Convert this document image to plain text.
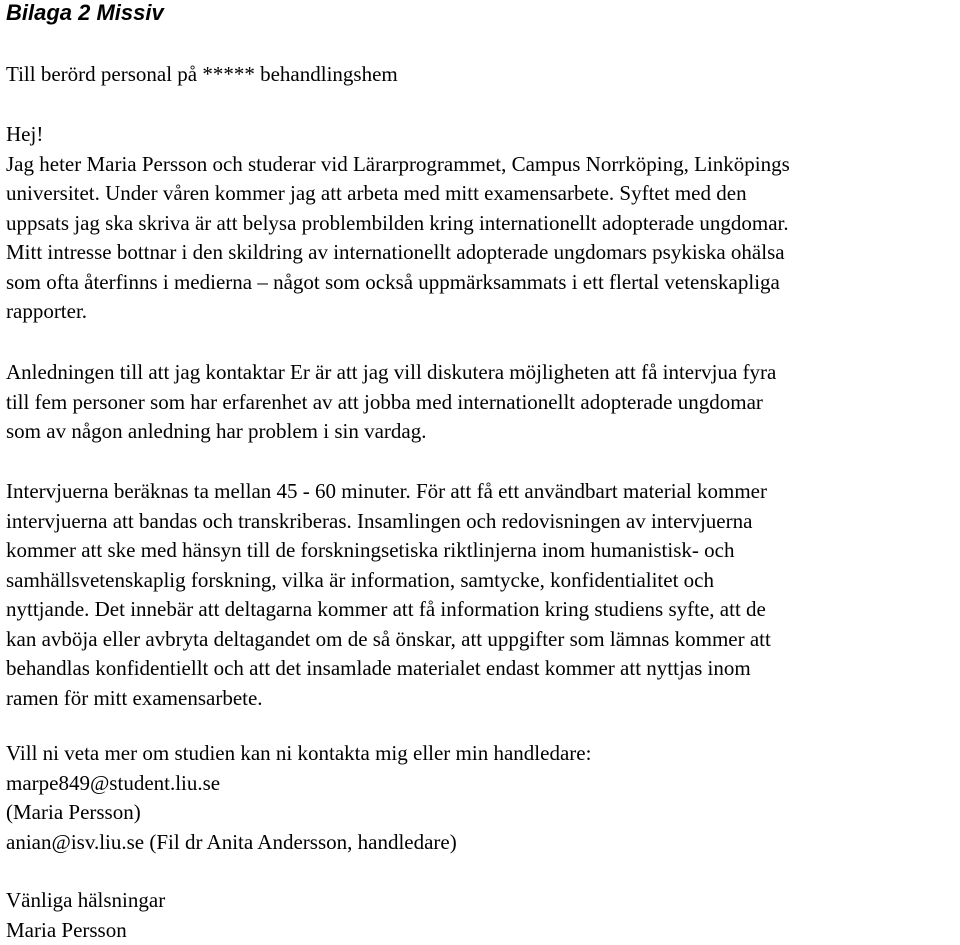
Bilaga 2 Missiv
Till berörd personal på ***** behandlingshem
Hej!
Jag heter Maria Persson och studerar vid Lärarprogrammet, Campus Norrköping, Linköpings
universitet. Under våren kommer jag att arbeta med mitt examensarbete. Syftet med den
uppsats jag ska skriva är att belysa problembilden kring internationellt adopterade ungdomar.
Mitt intresse bottnar i den skildring av internationellt adopterade ungdomars psykiska ohälsa
som ofta återfinns i medierna – något som också uppmärksammats i ett flertal vetenskapliga
rapporter.
Anledningen till att jag kontaktar Er är att jag vill diskutera möjligheten att få intervjua fyra
till fem personer som har erfarenhet av att jobba med internationellt adopterade ungdomar
som av någon anledning har problem i sin vardag.
Intervjuerna beräknas ta mellan 45 - 60 minuter. För att få ett användbart material kommer
intervjuerna att bandas och transkriberas. Insamlingen och redovisningen av intervjuerna
kommer att ske med hänsyn till de forskningsetiska riktlinjerna inom humanistisk- och
samhällsvetenskaplig forskning, vilka är information, samtycke, konfidentialitet och
nyttjande. Det innebär att deltagarna kommer att få information kring studiens syfte, att de
kan avböja eller avbryta deltagandet om de så önskar, att uppgifter som lämnas kommer att
behandlas konfidentiellt och att det insamlade materialet endast kommer att nyttjas inom
ramen för mitt examensarbete.
Vill ni veta mer om studien kan ni kontakta mig eller min handledare:
marpe849@student.liu.se
(Maria Persson)
anian@isv.liu.se (Fil dr Anita Andersson, handledare)
Vänliga hälsningar
Maria Persson
